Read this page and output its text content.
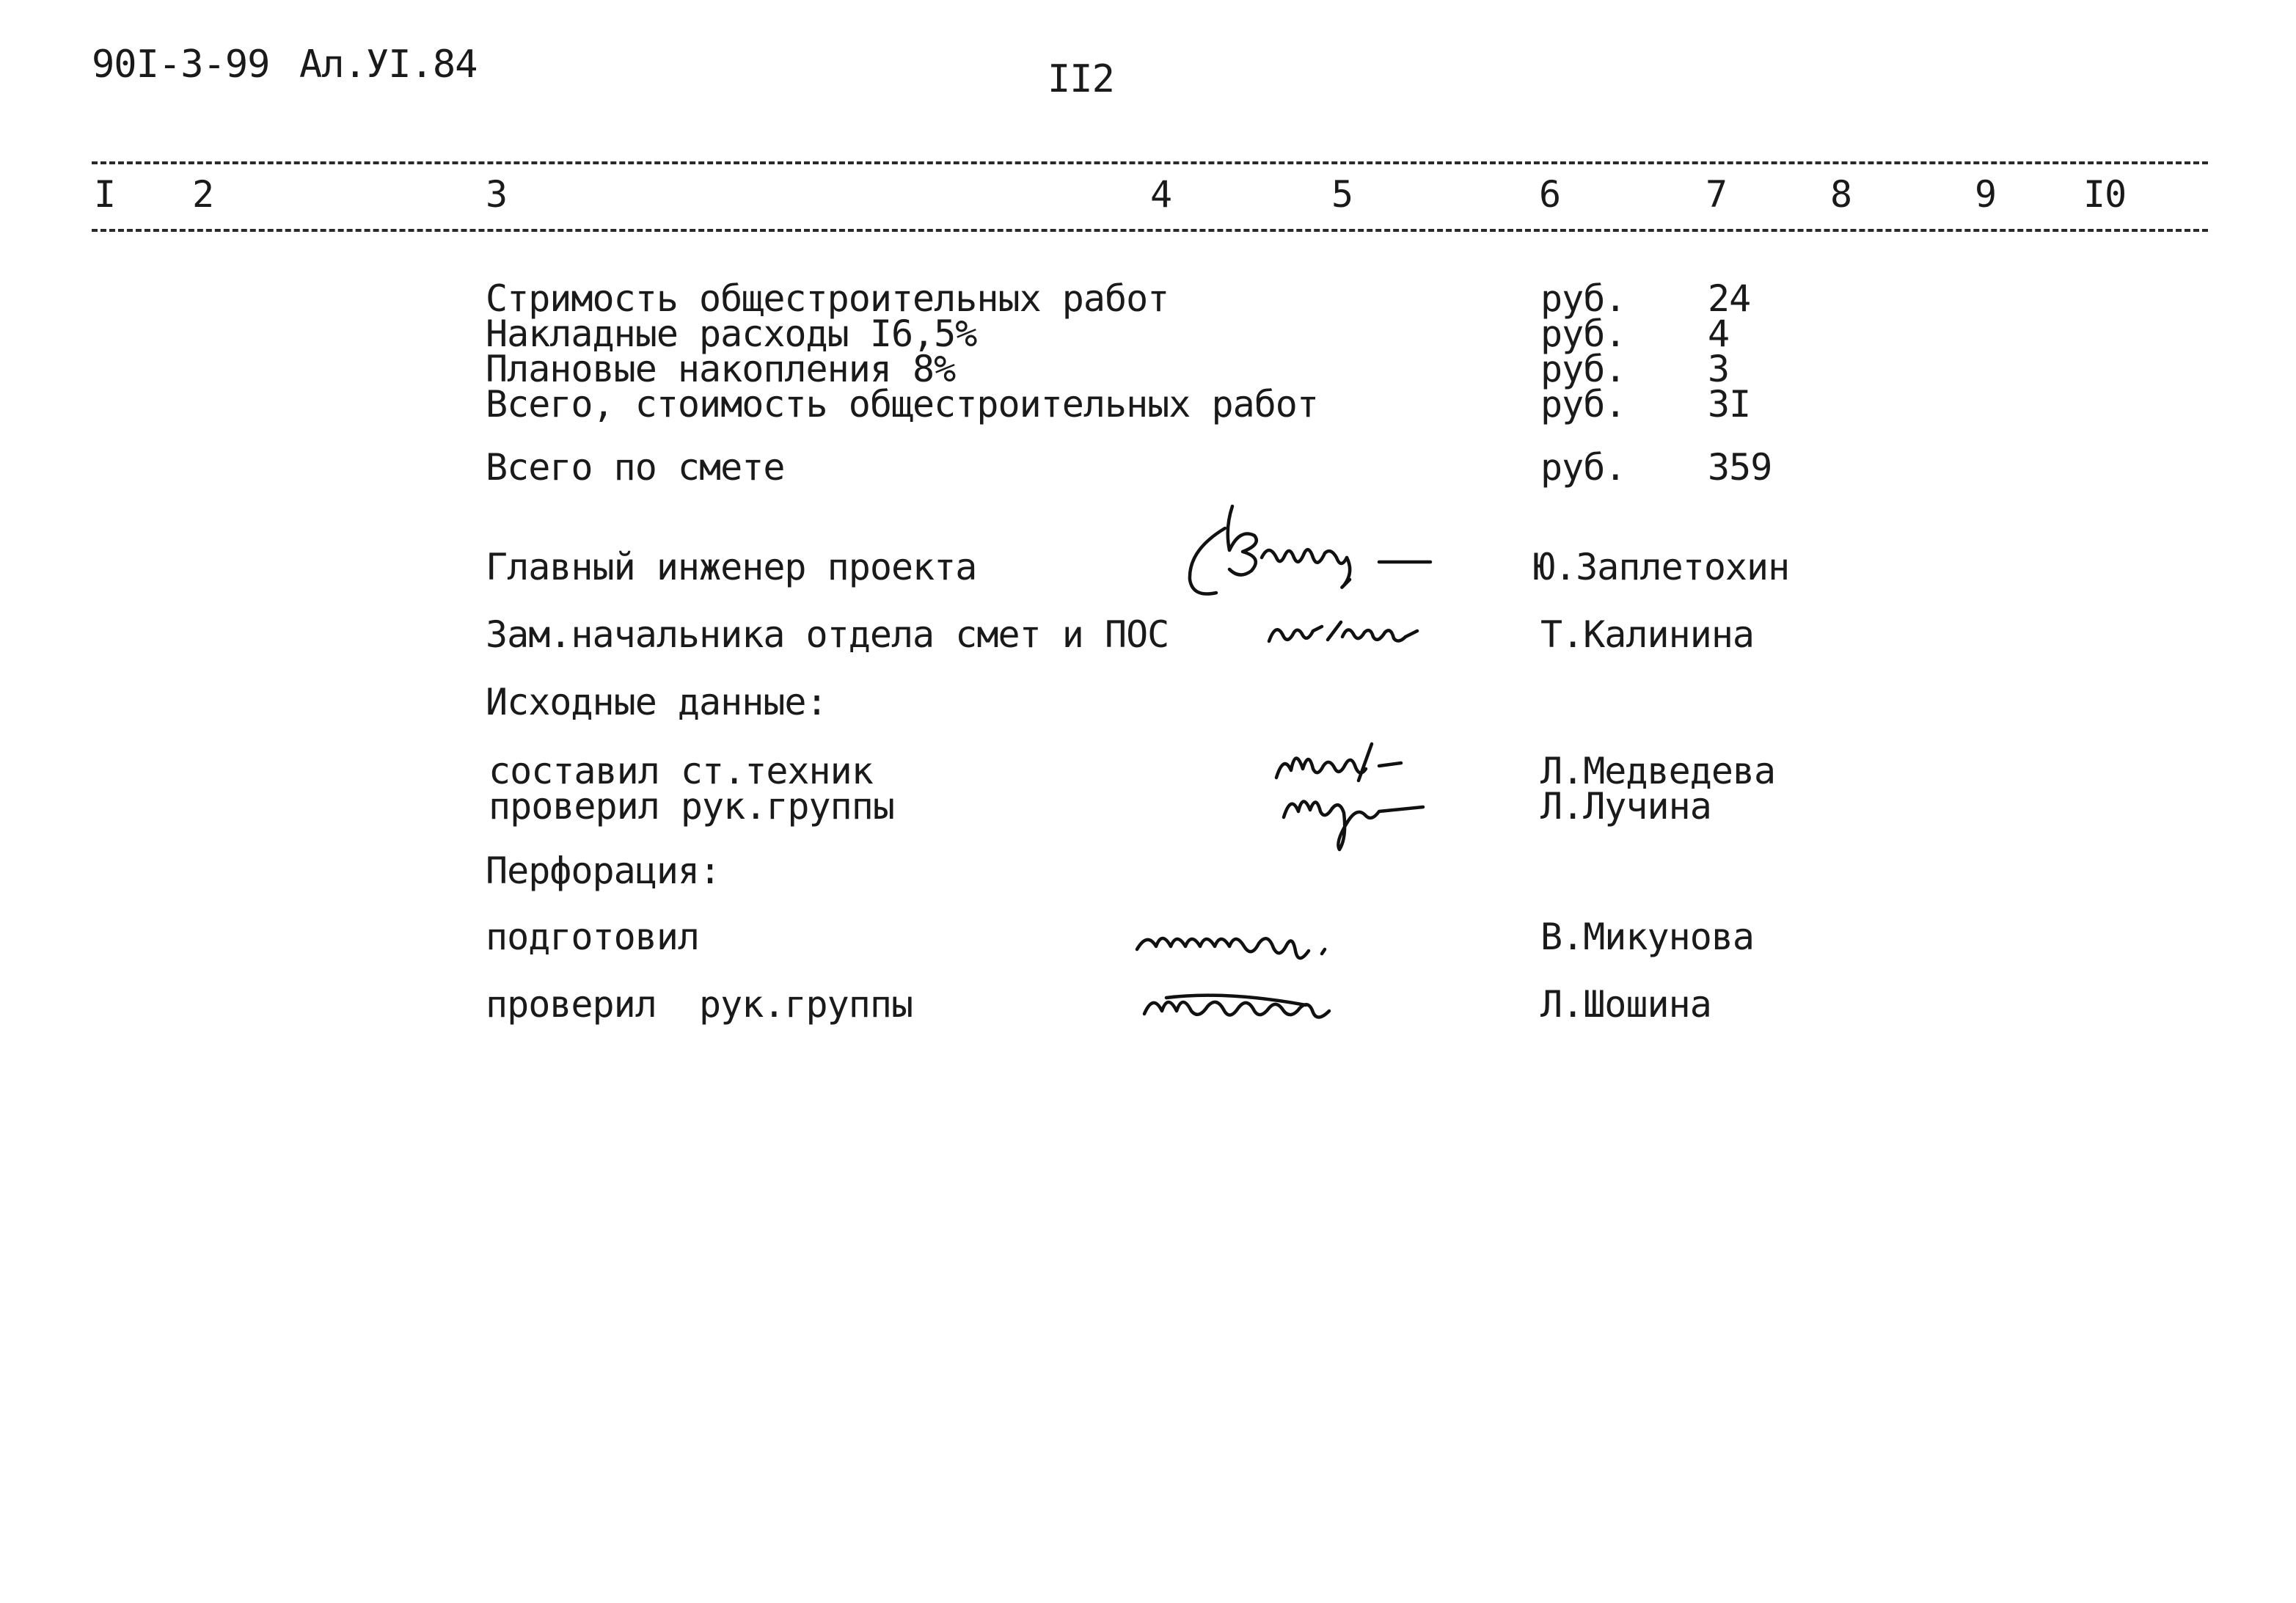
90I-3-99 Ал.УI.84	II2
I 2	3	4	5	6	7	8	9 I0
Стримость общестроительных работ	руб. 24
Накладные расходы I6,5%	руб. 4
Плановые накопления 8%	руб. 3
Всего, стоимость общестроительных работ	руб. 3I
Всего по смете	руб. 359
Главный инженер проекта	Ю.Заплетохин
Зам.начальника отдела смет и ПОС	Т.Калинина
Исходные данные:
составил ст.техник	Л.Медведева
проверил рук.группы	Л.Лучина
Перфорация:
подготовил	В.Микунова
проверил  рук.группы	Л.Шошина
